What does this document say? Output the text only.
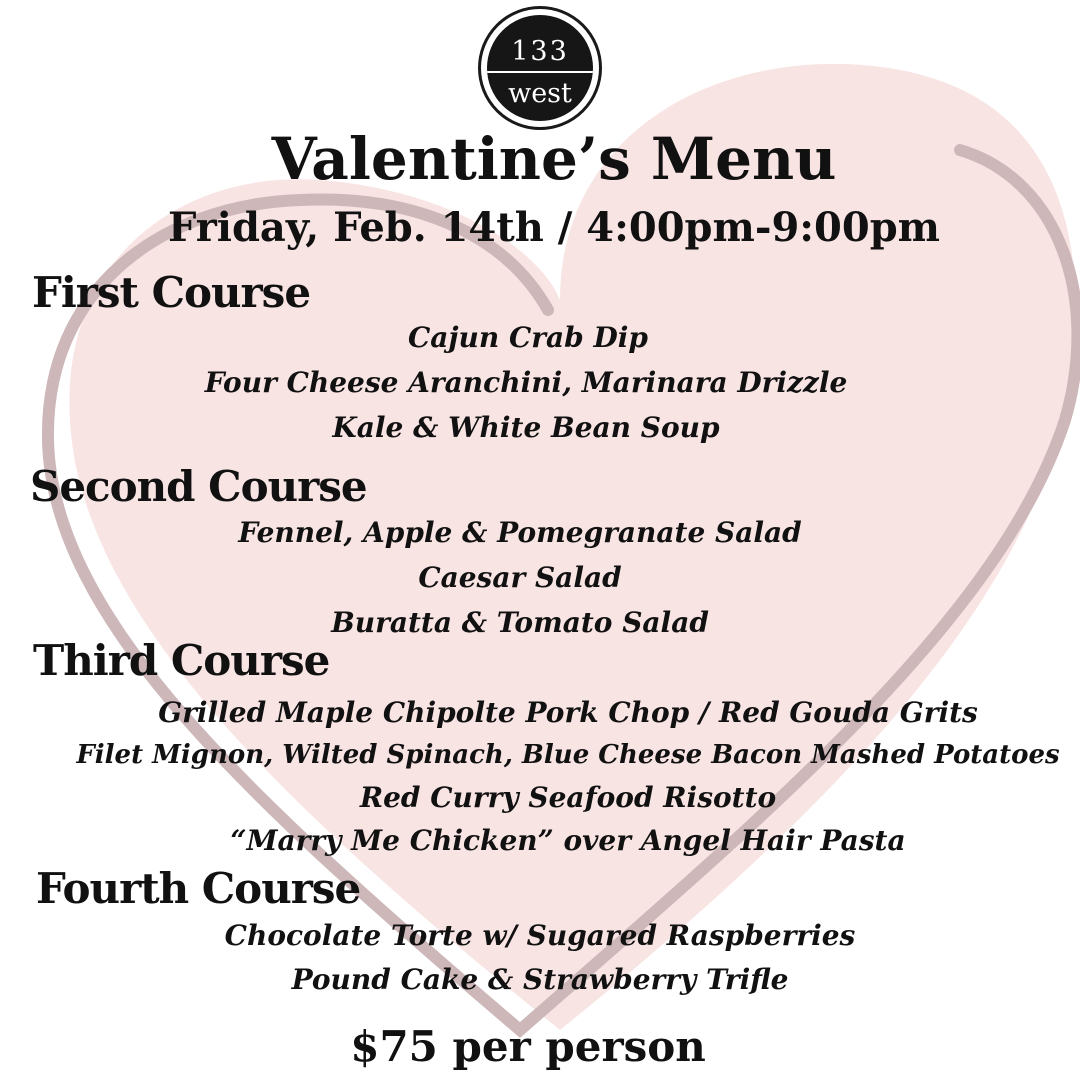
133
west
Valentine’s Menu
Friday, Feb. 14th / 4:00pm-9:00pm
First Course
Cajun Crab Dip
Four Cheese Aranchini, Marinara Drizzle
Kale & White Bean Soup
Second Course
Fennel, Apple & Pomegranate Salad
Caesar Salad
Buratta & Tomato Salad
Third Course
Grilled Maple Chipolte Pork Chop / Red Gouda Grits
Filet Mignon, Wilted Spinach, Blue Cheese Bacon Mashed Potatoes
Red Curry Seafood Risotto
“Marry Me Chicken” over Angel Hair Pasta
Fourth Course
Chocolate Torte w/ Sugared Raspberries
Pound Cake & Strawberry Trifle
$75 per person
